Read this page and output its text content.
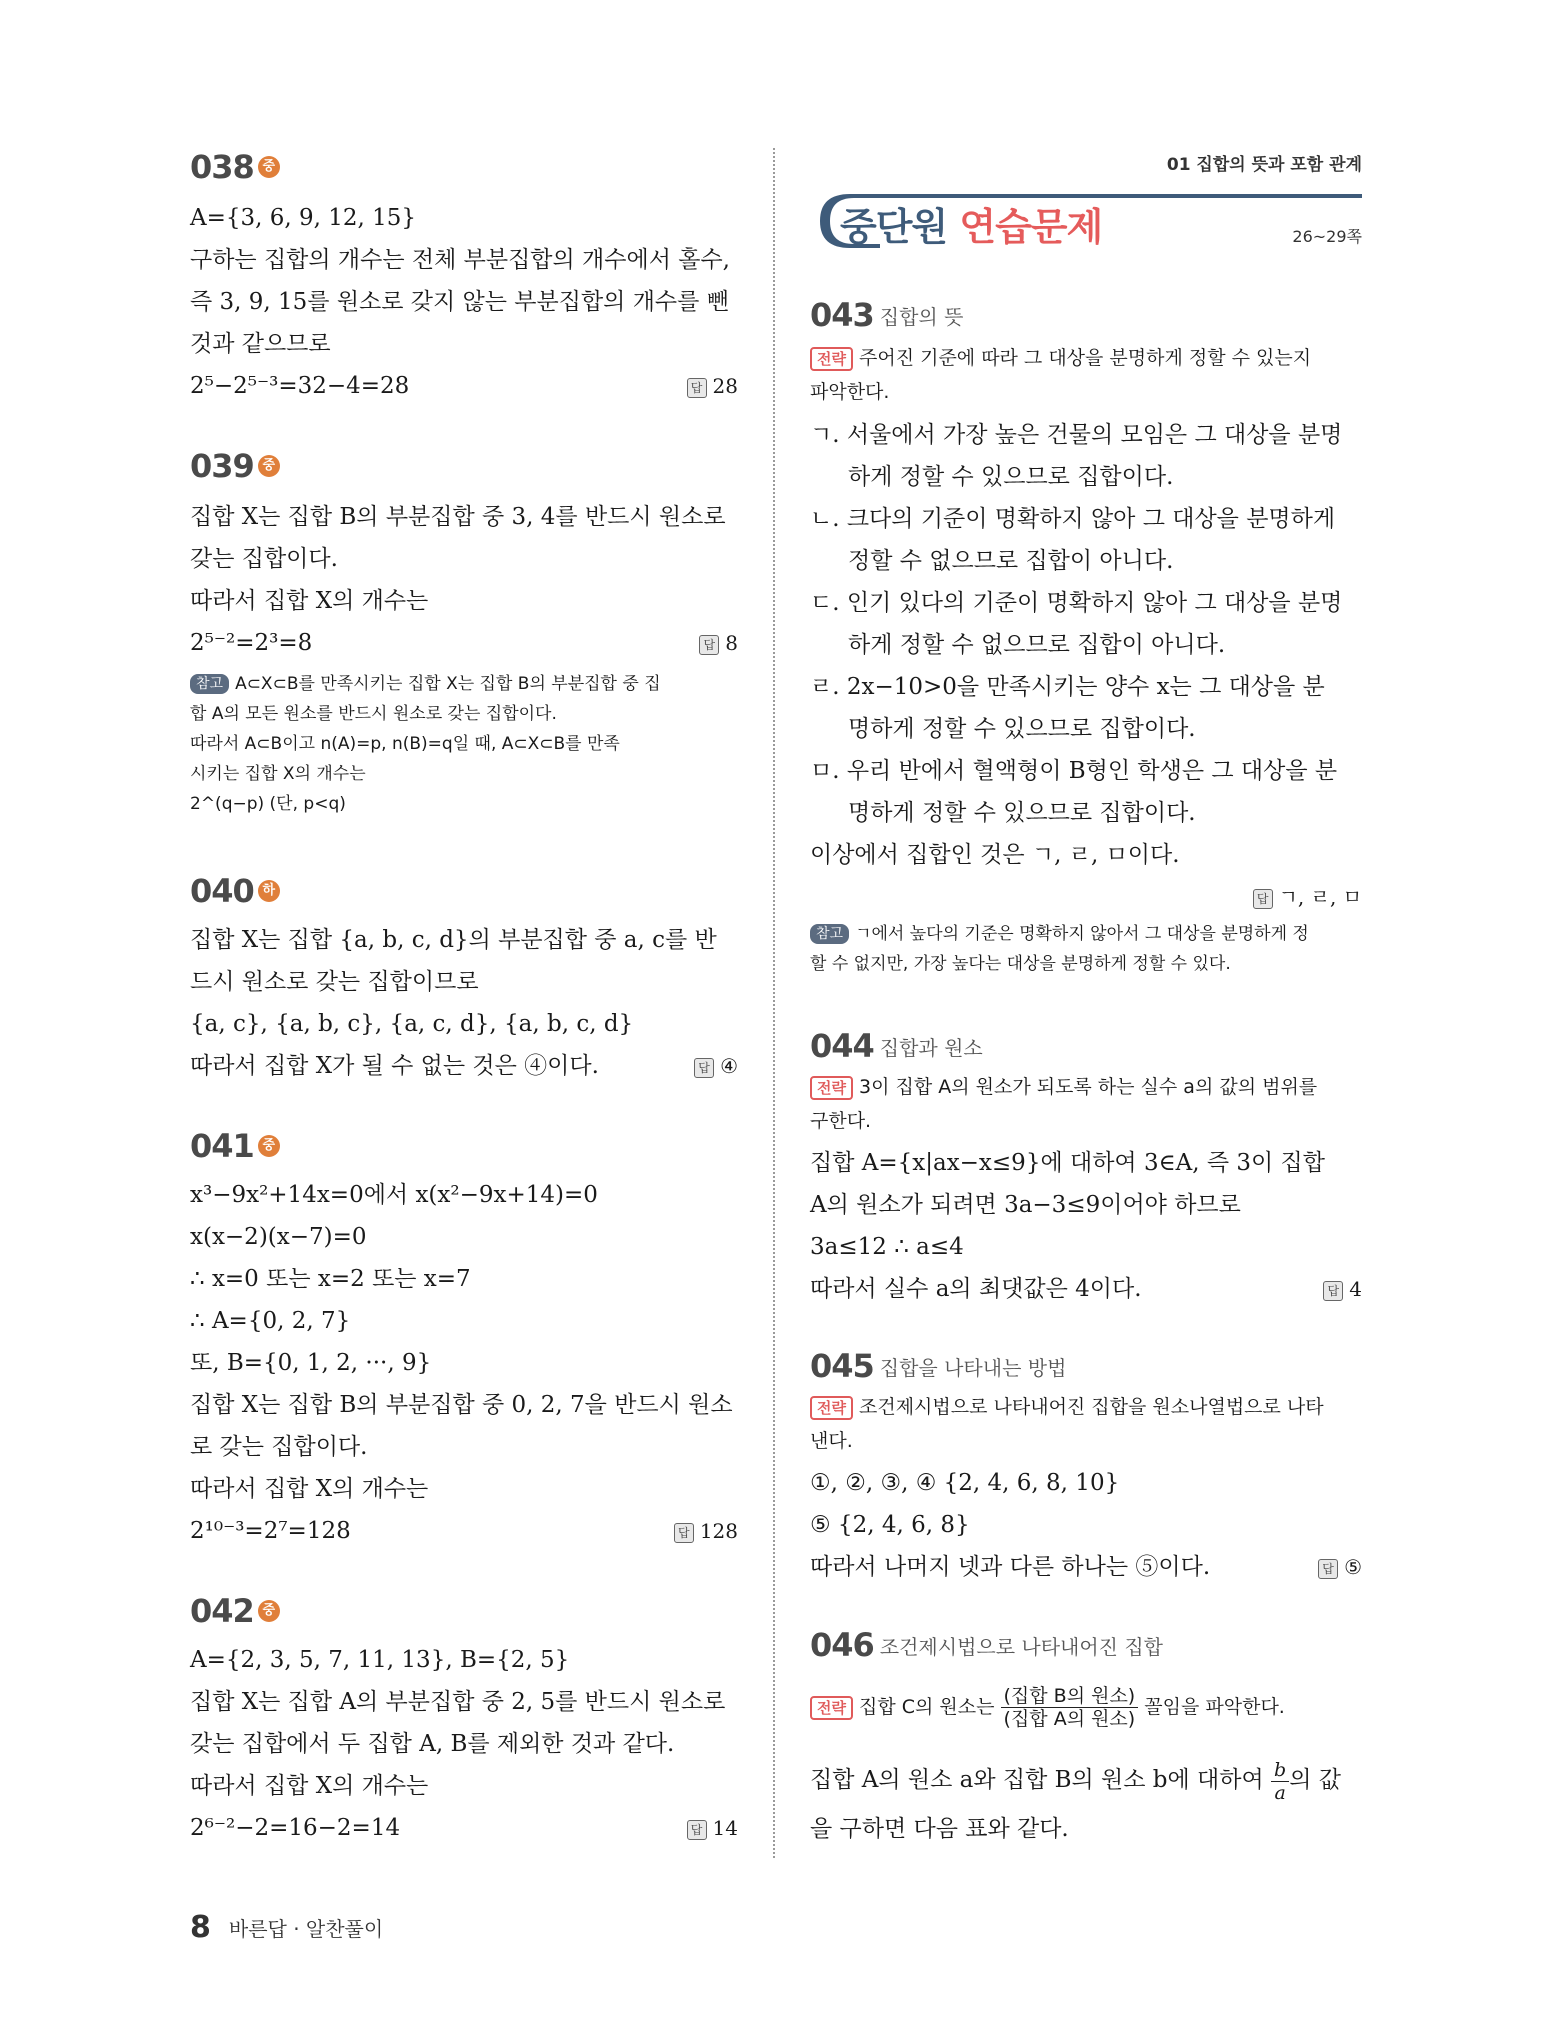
038 중
A={3, 6, 9, 12, 15}
구하는 집합의 개수는 전체 부분집합의 개수에서 홀수,
즉 3, 9, 15를 원소로 갖지 않는 부분집합의 개수를 뺀
것과 같으므로
2⁵−2⁵⁻³=32−4=28	답 28
039 중
집합 X는 집합 B의 부분집합 중 3, 4를 반드시 원소로
갖는 집합이다.
따라서 집합 X의 개수는
2⁵⁻²=2³=8	답 8
참고 A⊂X⊂B를 만족시키는 집합 X는 집합 B의 부분집합 중 집
합 A의 모든 원소를 반드시 원소로 갖는 집합이다.
따라서 A⊂B이고 n(A)=p, n(B)=q일 때, A⊂X⊂B를 만족
시키는 집합 X의 개수는
2^(q−p) (단, p<q)
040 하
집합 X는 집합 {a, b, c, d}의 부분집합 중 a, c를 반
드시 원소로 갖는 집합이므로
{a, c}, {a, b, c}, {a, c, d}, {a, b, c, d}
따라서 집합 X가 될 수 없는 것은 ④이다.	답 ④
041 중
x³−9x²+14x=0에서 x(x²−9x+14)=0
x(x−2)(x−7)=0
∴ x=0 또는 x=2 또는 x=7
∴ A={0, 2, 7}
또, B={0, 1, 2, ···, 9}
집합 X는 집합 B의 부분집합 중 0, 2, 7을 반드시 원소
로 갖는 집합이다.
따라서 집합 X의 개수는
2¹⁰⁻³=2⁷=128	답 128
042 중
A={2, 3, 5, 7, 11, 13}, B={2, 5}
집합 X는 집합 A의 부분집합 중 2, 5를 반드시 원소로
갖는 집합에서 두 집합 A, B를 제외한 것과 같다.
따라서 집합 X의 개수는
2⁶⁻²−2=16−2=14	답 14
01 집합의 뜻과 포함 관계
중단원 연습문제	26~29쪽
043 집합의 뜻
전략 주어진 기준에 따라 그 대상을 분명하게 정할 수 있는지
파악한다.
ㄱ. 서울에서 가장 높은 건물의 모임은 그 대상을 분명
하게 정할 수 있으므로 집합이다.
ㄴ. 크다의 기준이 명확하지 않아 그 대상을 분명하게
정할 수 없으므로 집합이 아니다.
ㄷ. 인기 있다의 기준이 명확하지 않아 그 대상을 분명
하게 정할 수 없으므로 집합이 아니다.
ㄹ. 2x−10>0을 만족시키는 양수 x는 그 대상을 분
명하게 정할 수 있으므로 집합이다.
ㅁ. 우리 반에서 혈액형이 B형인 학생은 그 대상을 분
명하게 정할 수 있으므로 집합이다.
이상에서 집합인 것은 ㄱ, ㄹ, ㅁ이다.
답 ㄱ, ㄹ, ㅁ
참고 ㄱ에서 높다의 기준은 명확하지 않아서 그 대상을 분명하게 정
할 수 없지만, 가장 높다는 대상을 분명하게 정할 수 있다.
044 집합과 원소
전략 3이 집합 A의 원소가 되도록 하는 실수 a의 값의 범위를
구한다.
집합 A={x|ax−x≤9}에 대하여 3∈A, 즉 3이 집합
A의 원소가 되려면 3a−3≤9이어야 하므로
3a≤12 ∴ a≤4
따라서 실수 a의 최댓값은 4이다.	답 4
045 집합을 나타내는 방법
전략 조건제시법으로 나타내어진 집합을 원소나열법으로 나타
낸다.
①, ②, ③, ④ {2, 4, 6, 8, 10}
⑤ {2, 4, 6, 8}
따라서 나머지 넷과 다른 하나는 ⑤이다.	답 ⑤
046 조건제시법으로 나타내어진 집합
전략 집합 C의 원소는 $\frac{\text{(집합 B의 원소)}}{\text{(집합 A의 원소)}}$ 꼴임을 파악한다.
집합 A의 원소 a와 집합 B의 원소 b에 대하여 $\frac{b}{a}$ 의 값
을 구하면 다음 표와 같다.
8 바른답 · 알찬풀이
